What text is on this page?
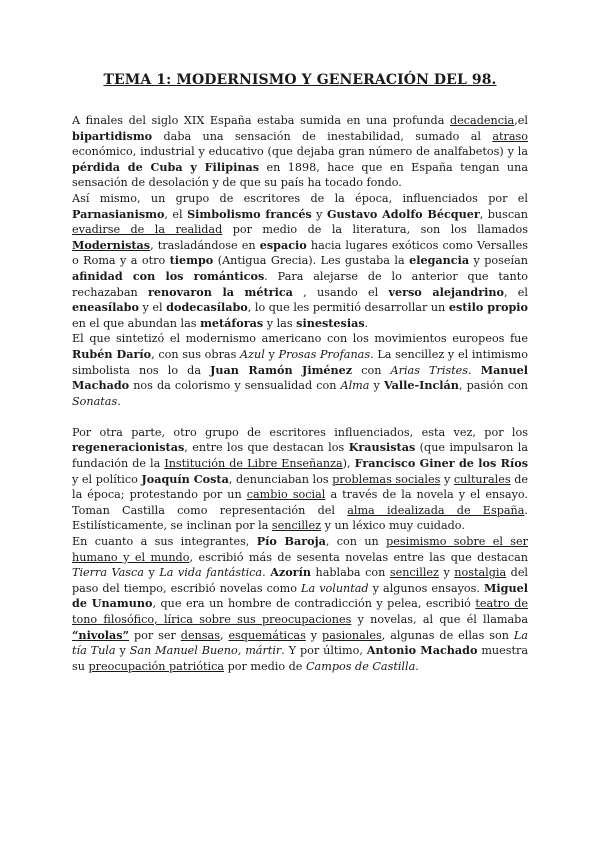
TEMA 1: MODERNISMO Y GENERACIÓN DEL 98.

A finales del siglo XIX España estaba sumida en una profunda decadencia,el bipartidismo daba una sensación de inestabilidad, sumado al atraso económico, industrial y educativo (que dejaba gran número de analfabetos) y la pérdida de Cuba y Filipinas en 1898, hace que en España tengan una sensación de desolación y de que su país ha tocado fondo.

Así mismo, un grupo de escritores de la época, influenciados por el Parnasianismo, el Simbolismo francés y Gustavo Adolfo Bécquer, buscan evadirse de la realidad por medio de la literatura, son los llamados Modernistas, trasladándose en espacio hacia lugares exóticos como Versalles o Roma y a otro tiempo (Antigua Grecia). Les gustaba la elegancia y poseían afinidad con los románticos. Para alejarse de lo anterior que tanto rechazaban renovaron la métrica , usando el verso alejandrino, el eneasílabo y el dodecasílabo, lo que les permitió desarrollar un estilo propio en el que abundan las metáforas y las sinestesias.

El que sintetizó el modernismo americano con los movimientos europeos fue Rubén Darío, con sus obras Azul y Prosas Profanas. La sencillez y el intimismo simbolista nos lo da Juan Ramón Jiménez con Arias Tristes. Manuel Machado nos da colorismo y sensualidad con Alma y Valle-Inclán, pasión con Sonatas.

Por otra parte, otro grupo de escritores influenciados, esta vez, por los regeneracionistas, entre los que destacan los Krausistas (que impulsaron la fundación de la Institución de Libre Enseñanza), Francisco Giner de los Ríos y el político Joaquín Costa, denunciaban los problemas sociales y culturales de la época; protestando por un cambio social a través de la novela y el ensayo. Toman Castilla como representación del alma idealizada de España. Estilísticamente, se inclinan por la sencillez y un léxico muy cuidado.

En cuanto a sus integrantes, Pío Baroja, con un pesimismo sobre el ser humano y el mundo, escribió más de sesenta novelas entre las que destacan Tierra Vasca y La vida fantástica. Azorín hablaba con sencillez y nostalgia del paso del tiempo, escribió novelas como La voluntad y algunos ensayos. Miguel de Unamuno, que era un hombre de contradicción y pelea, escribió teatro de tono filosófico, lírica sobre sus preocupaciones y novelas, al que él llamaba “nivolas” por ser densas, esquemáticas y pasionales, algunas de ellas son La tía Tula y San Manuel Bueno, mártir. Y por último, Antonio Machado muestra su preocupación patriótica por medio de Campos de Castilla.
